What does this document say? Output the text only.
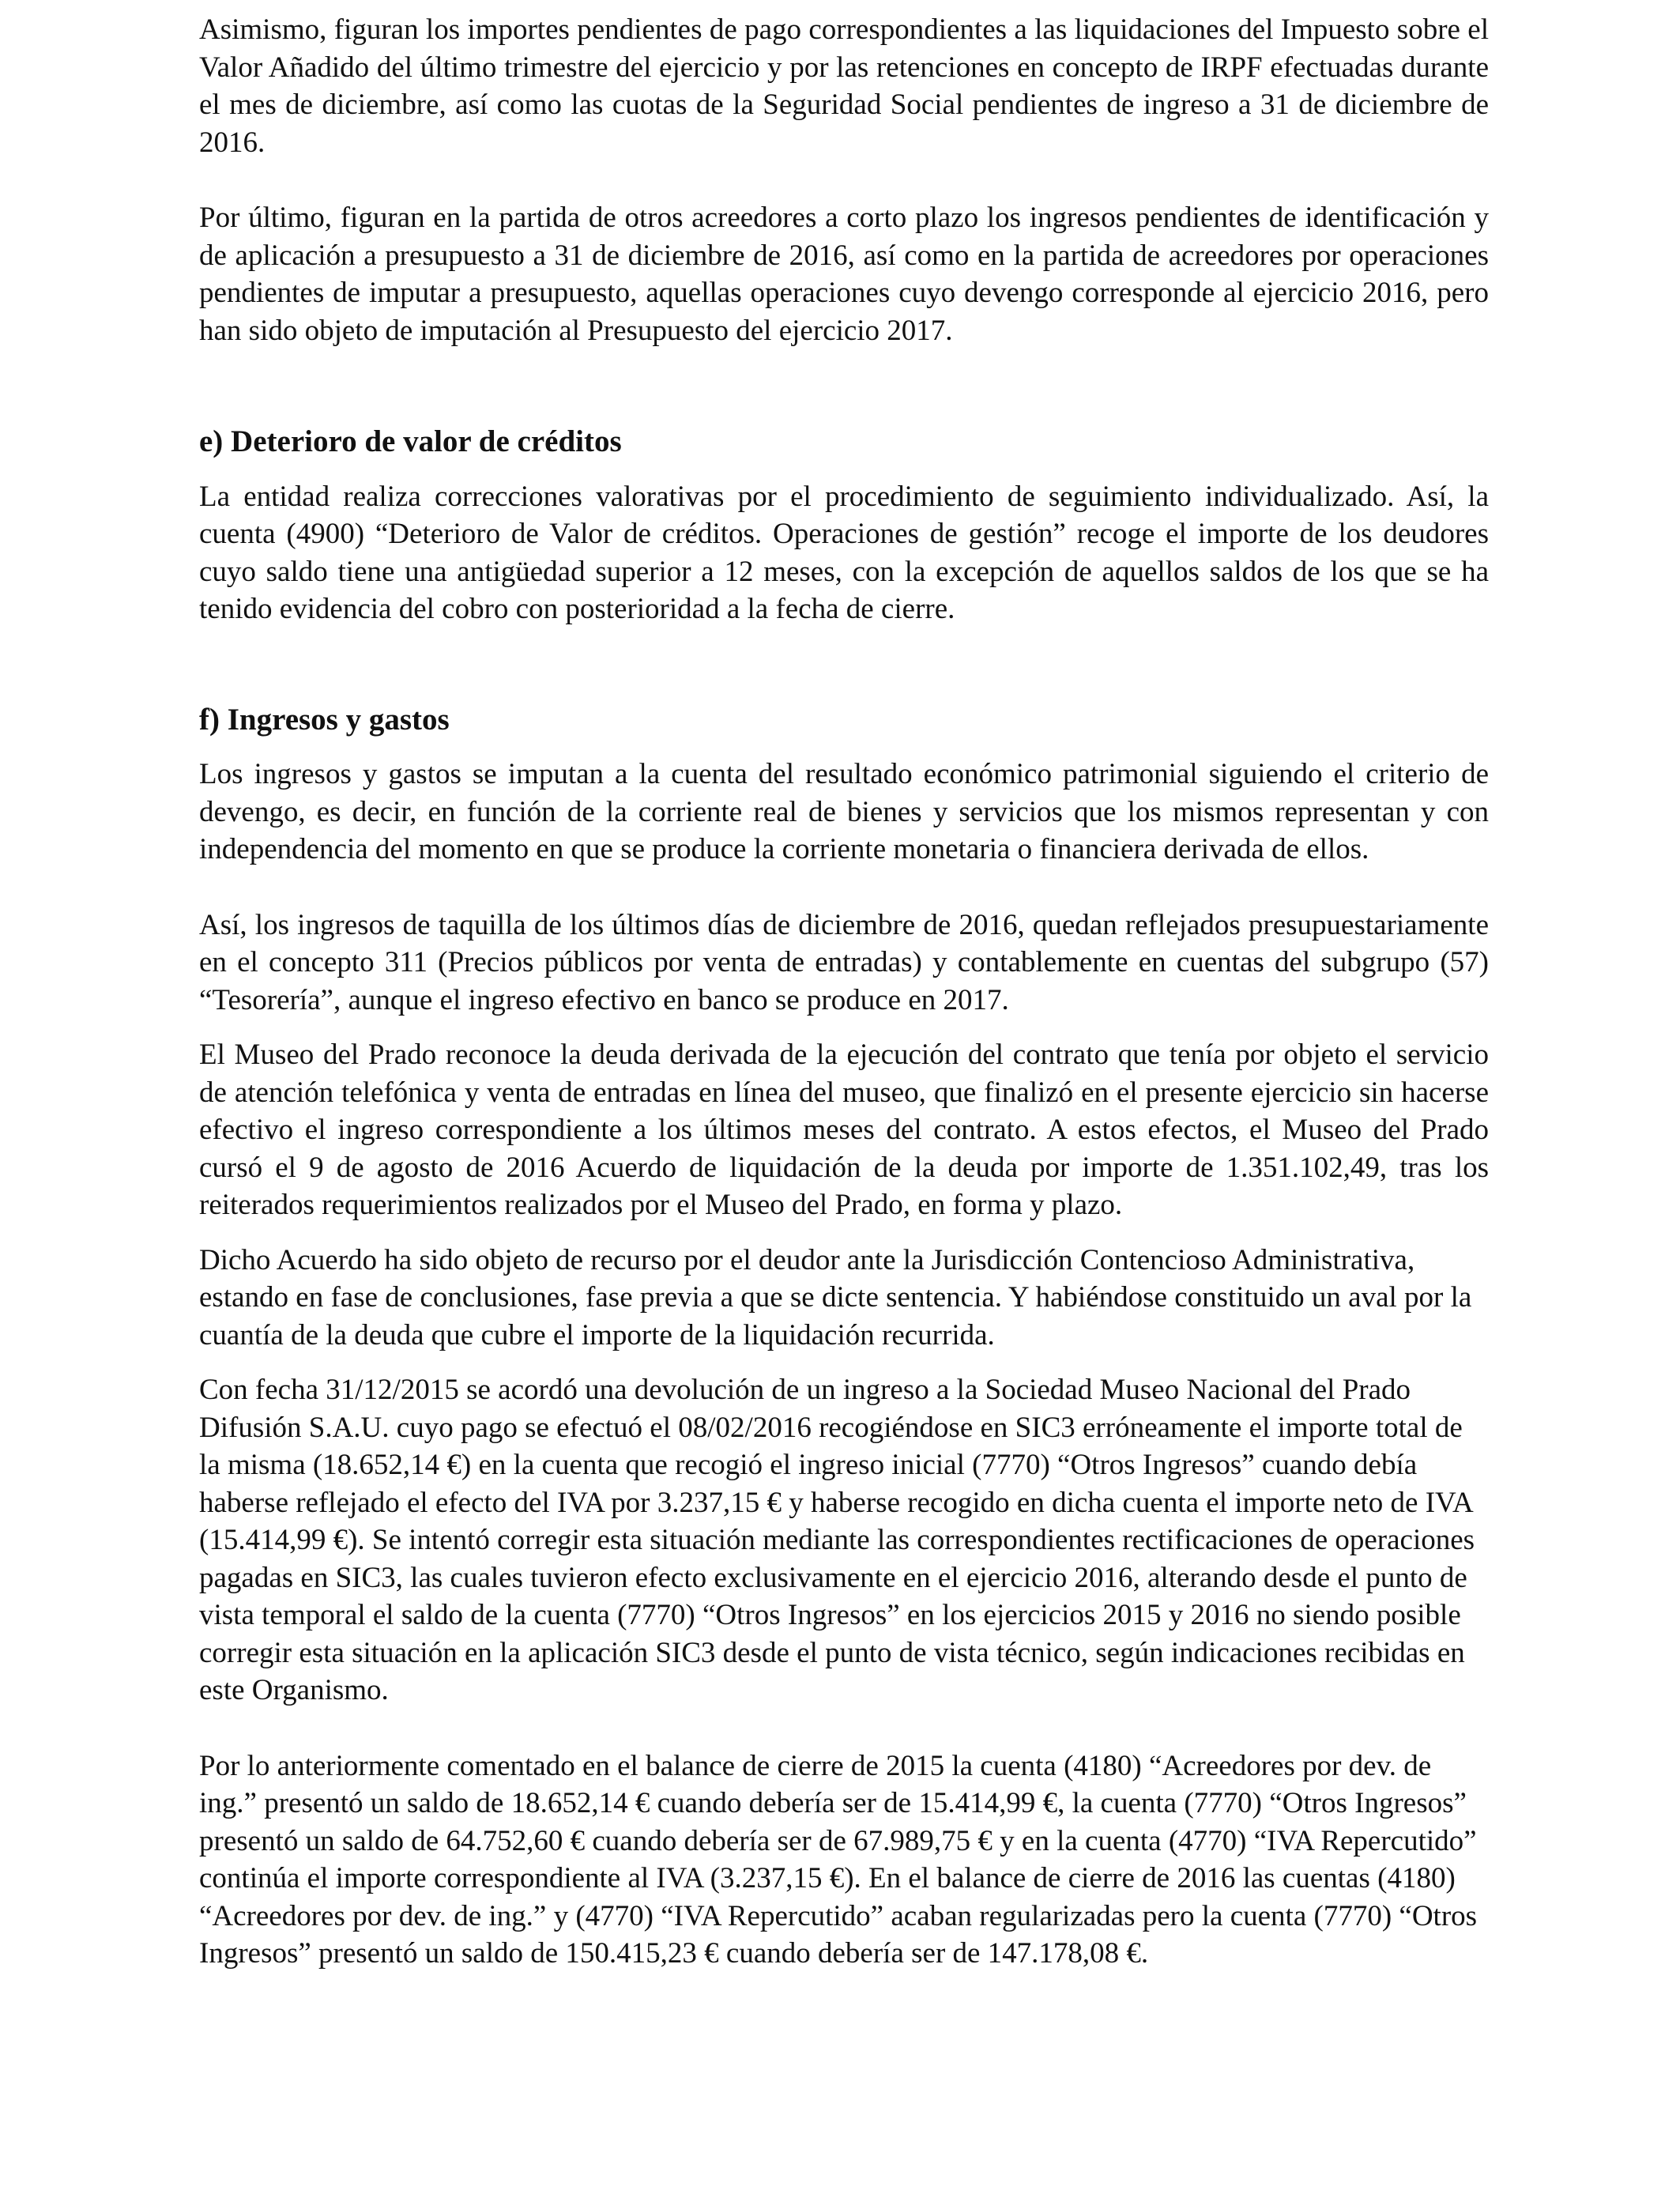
Asimismo, figuran los importes pendientes de pago correspondientes a las liquidaciones del Impuesto sobre el Valor Añadido del último trimestre del ejercicio y por las retenciones en concepto de IRPF efectuadas durante el mes de diciembre, así como las cuotas de la Seguridad Social pendientes de ingreso a 31 de diciembre de 2016.

Por último, figuran en la partida de otros acreedores a corto plazo los ingresos pendientes de identificación y de aplicación a presupuesto a 31 de diciembre de 2016, así como en la partida de acreedores por operaciones pendientes de imputar a presupuesto, aquellas operaciones cuyo devengo corresponde al ejercicio 2016, pero han sido objeto de imputación al Presupuesto del ejercicio 2017.

e) Deterioro de valor de créditos

La entidad realiza correcciones valorativas por el procedimiento de seguimiento individualizado. Así, la cuenta (4900) “Deterioro de Valor de créditos. Operaciones de gestión” recoge el importe de los deudores cuyo saldo tiene una antigüedad superior a 12 meses, con la excepción de aquellos saldos de los que se ha tenido evidencia del cobro con posterioridad a la fecha de cierre.

f) Ingresos y gastos

Los ingresos y gastos se imputan a la cuenta del resultado económico patrimonial siguiendo el criterio de devengo, es decir, en función de la corriente real de bienes y servicios que los mismos representan y con independencia del momento en que se produce la corriente monetaria o financiera derivada de ellos.

Así, los ingresos de taquilla de los últimos días de diciembre de 2016, quedan reflejados presupuestariamente en el concepto 311 (Precios públicos por venta de entradas) y contablemente en cuentas del subgrupo (57) “Tesorería”, aunque el ingreso efectivo en banco se produce en 2017.

El Museo del Prado reconoce la deuda derivada de la ejecución del contrato que tenía por objeto el servicio de atención telefónica y venta de entradas en línea del museo, que finalizó en el presente ejercicio sin hacerse efectivo el ingreso correspondiente a los últimos meses del contrato. A estos efectos, el Museo del Prado cursó el 9 de agosto de 2016 Acuerdo de liquidación de la deuda por importe de 1.351.102,49, tras los reiterados requerimientos realizados por el Museo del Prado, en forma y plazo.

Dicho Acuerdo ha sido objeto de recurso por el deudor ante la Jurisdicción Contencioso Administrativa, estando en fase de conclusiones, fase previa a que se dicte sentencia. Y habiéndose constituido un aval por la cuantía de la deuda que cubre el importe de la liquidación recurrida.

Con fecha 31/12/2015 se acordó una devolución de un ingreso a la Sociedad Museo Nacional del Prado Difusión S.A.U. cuyo pago se efectuó el 08/02/2016 recogiéndose en SIC3 erróneamente el importe total de la misma (18.652,14 €) en la cuenta que recogió el ingreso inicial (7770) “Otros Ingresos” cuando debía haberse reflejado el efecto del IVA por 3.237,15 € y haberse recogido en dicha cuenta el importe neto de IVA (15.414,99 €). Se intentó corregir esta situación mediante las correspondientes rectificaciones de operaciones pagadas en SIC3, las cuales tuvieron efecto exclusivamente en el ejercicio 2016, alterando desde el punto de vista temporal el saldo de la cuenta (7770) “Otros Ingresos” en los ejercicios 2015 y 2016 no siendo posible corregir esta situación en la aplicación SIC3 desde el punto de vista técnico, según indicaciones recibidas en este Organismo.

Por lo anteriormente comentado en el balance de cierre de 2015 la cuenta (4180) “Acreedores por dev. de ing.” presentó un saldo de 18.652,14 € cuando debería ser de 15.414,99 €, la cuenta (7770) “Otros Ingresos” presentó un saldo de 64.752,60 € cuando debería ser de 67.989,75 € y en la cuenta (4770) “IVA Repercutido” continúa el importe correspondiente al IVA (3.237,15 €). En el balance de cierre de 2016 las cuentas (4180) “Acreedores por dev. de ing.” y (4770) “IVA Repercutido” acaban regularizadas pero la cuenta (7770) “Otros Ingresos” presentó un saldo de 150.415,23 € cuando debería ser de 147.178,08 €.
